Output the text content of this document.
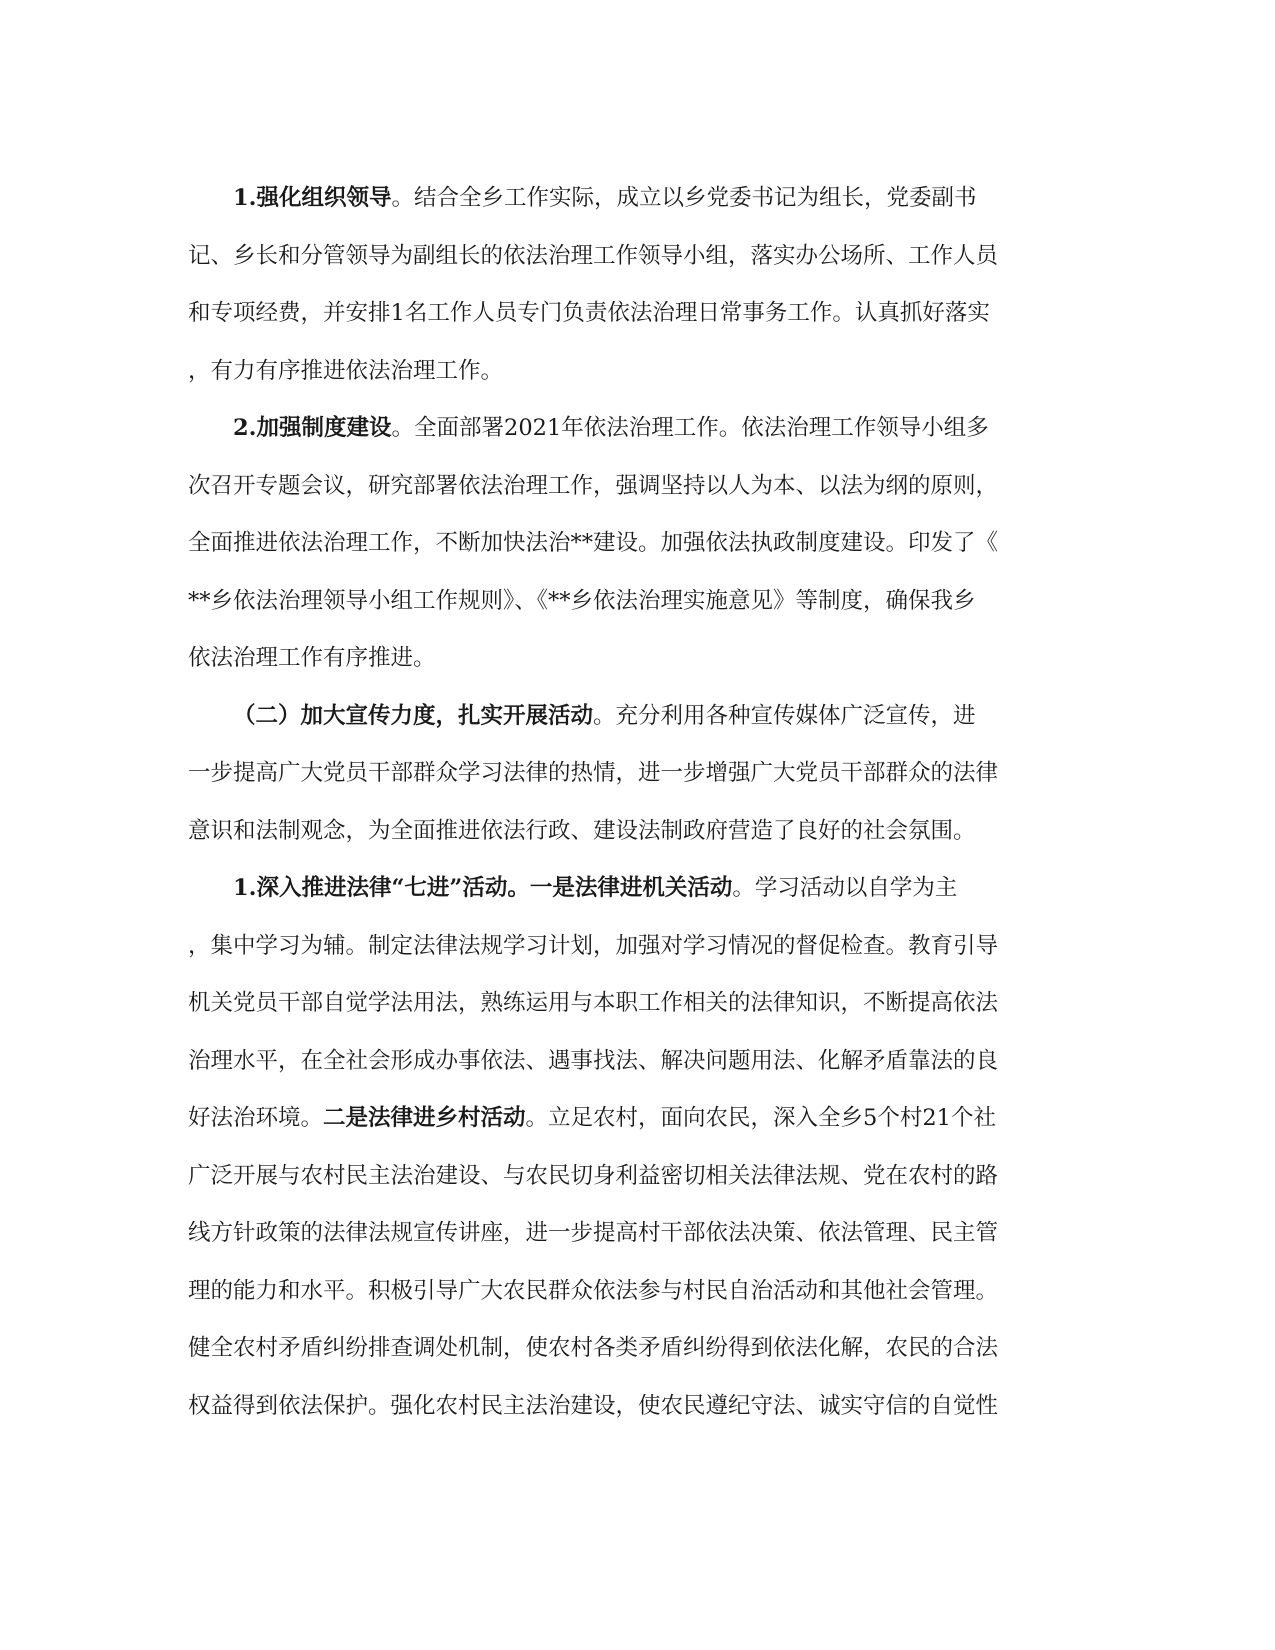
1.强化组织领导。结合全乡工作实际，成立以乡党委书记为组长，党委副书
记、乡长和分管领导为副组长的依法治理工作领导小组，落实办公场所、工作人员
和专项经费，并安排1名工作人员专门负责依法治理日常事务工作。认真抓好落实
，有力有序推进依法治理工作。
2.加强制度建设。全面部署2021年依法治理工作。依法治理工作领导小组多
次召开专题会议，研究部署依法治理工作，强调坚持以人为本、以法为纲的原则，
全面推进依法治理工作，不断加快法治**建设。加强依法执政制度建设。印发了《
**乡依法治理领导小组工作规则》、《**乡依法治理实施意见》等制度，确保我乡
依法治理工作有序推进。
（二）加大宣传力度，扎实开展活动。充分利用各种宣传媒体广泛宣传，进
一步提高广大党员干部群众学习法律的热情，进一步增强广大党员干部群众的法律
意识和法制观念，为全面推进依法行政、建设法制政府营造了良好的社会氛围。
1.深入推进法律“七进”活动。一是法律进机关活动。学习活动以自学为主
，集中学习为辅。制定法律法规学习计划，加强对学习情况的督促检查。教育引导
机关党员干部自觉学法用法，熟练运用与本职工作相关的法律知识，不断提高依法
治理水平，在全社会形成办事依法、遇事找法、解决问题用法、化解矛盾靠法的良
好法治环境。二是法律进乡村活动。立足农村，面向农民，深入全乡5个村21个社
广泛开展与农村民主法治建设、与农民切身利益密切相关法律法规、党在农村的路
线方针政策的法律法规宣传讲座，进一步提高村干部依法决策、依法管理、民主管
理的能力和水平。积极引导广大农民群众依法参与村民自治活动和其他社会管理。
健全农村矛盾纠纷排查调处机制，使农村各类矛盾纠纷得到依法化解，农民的合法
权益得到依法保护。强化农村民主法治建设，使农民遵纪守法、诚实守信的自觉性
